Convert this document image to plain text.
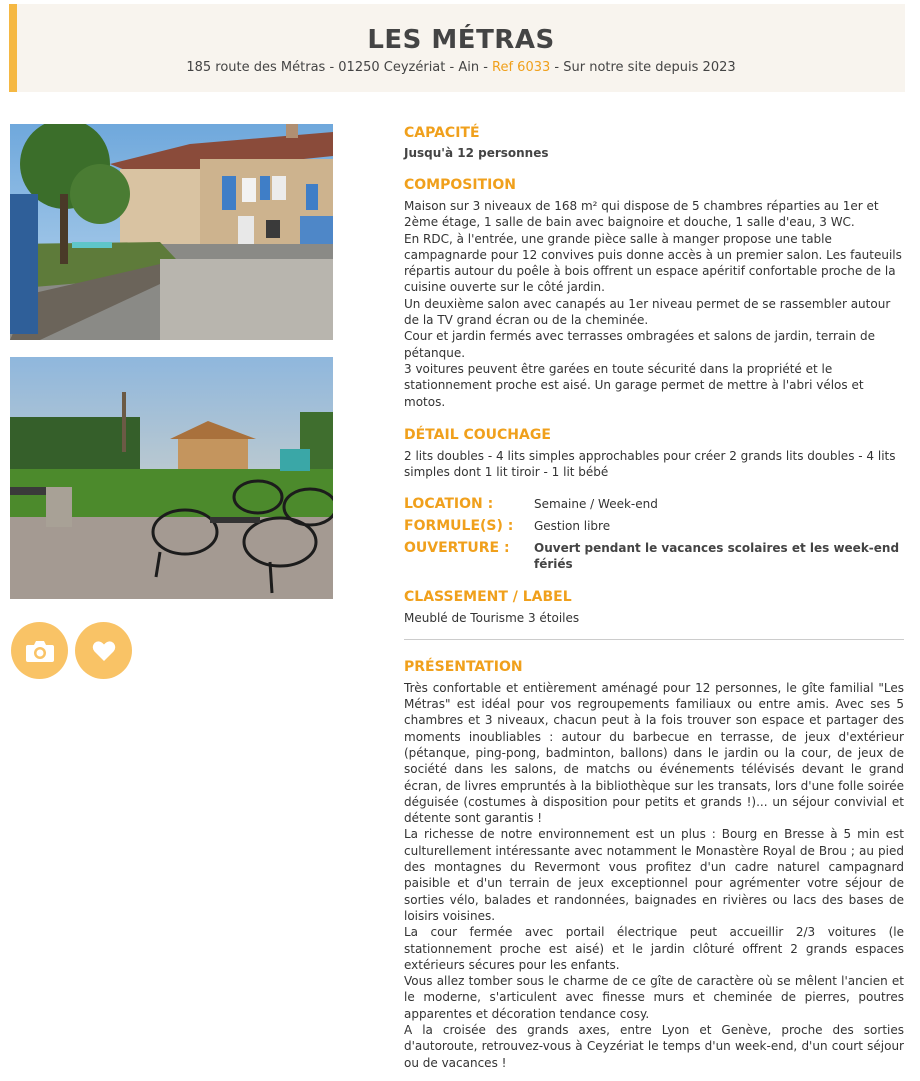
LES MÉTRAS
185 route des Métras - 01250 Ceyzériat - Ain - Ref 6033 - Sur notre site depuis 2023
CAPACITÉ
Jusqu'à 12 personnes
COMPOSITION
Maison sur 3 niveaux de 168 m² qui dispose de 5 chambres réparties au 1er et 2ème étage, 1 salle de bain avec baignoire et douche, 1 salle d'eau, 3 WC.
En RDC, à l'entrée, une grande pièce salle à manger propose une table campagnarde pour 12 convives puis donne accès à un premier salon. Les fauteuils répartis autour du poêle à bois offrent un espace apéritif confortable proche de la cuisine ouverte sur le côté jardin.
Un deuxième salon avec canapés au 1er niveau permet de se rassembler autour de la TV grand écran ou de la cheminée.
Cour et jardin fermés avec terrasses ombragées et salons de jardin, terrain de pétanque.
3 voitures peuvent être garées en toute sécurité dans la propriété et le stationnement proche est aisé. Un garage permet de mettre à l'abri vélos et motos.
DÉTAIL COUCHAGE
2 lits doubles - 4 lits simples approchables pour créer 2 grands lits doubles - 4 lits simples dont 1 lit tiroir - 1 lit bébé
LOCATION :	Semaine / Week-end
FORMULE(S) :	Gestion libre
OUVERTURE :	Ouvert pendant le vacances scolaires et les week-end fériés
CLASSEMENT / LABEL
Meublé de Tourisme 3 étoiles
PRÉSENTATION
Très confortable et entièrement aménagé pour 12 personnes, le gîte familial "Les Métras" est idéal pour vos regroupements familiaux ou entre amis. Avec ses 5 chambres et 3 niveaux, chacun peut à la fois trouver son espace et partager des moments inoubliables : autour du barbecue en terrasse, de jeux d'extérieur (pétanque, ping-pong, badminton, ballons) dans le jardin ou la cour, de jeux de société dans les salons, de matchs ou événements télévisés devant le grand écran, de livres empruntés à la bibliothèque sur les transats, lors d'une folle soirée déguisée (costumes à disposition pour petits et grands !)... un séjour convivial et détente sont garantis !
La richesse de notre environnement est un plus : Bourg en Bresse à 5 min est culturellement intéressante avec notamment le Monastère Royal de Brou ; au pied des montagnes du Revermont vous profitez d'un cadre naturel campagnard paisible et d'un terrain de jeux exceptionnel pour agrémenter votre séjour de sorties vélo, balades et randonnées, baignades en rivières ou lacs des bases de loisirs voisines.
La cour fermée avec portail électrique peut accueillir 2/3 voitures (le stationnement proche est aisé) et le jardin clôturé offrent 2 grands espaces extérieurs sécures pour les enfants.
Vous allez tomber sous le charme de ce gîte de caractère où se mêlent l'ancien et le moderne, s'articulent avec finesse murs et cheminée de pierres, poutres apparentes et décoration tendance cosy.
A la croisée des grands axes, entre Lyon et Genève, proche des sorties d'autoroute, retrouvez-vous à Ceyzériat le temps d'un week-end, d'un court séjour ou de vacances !
